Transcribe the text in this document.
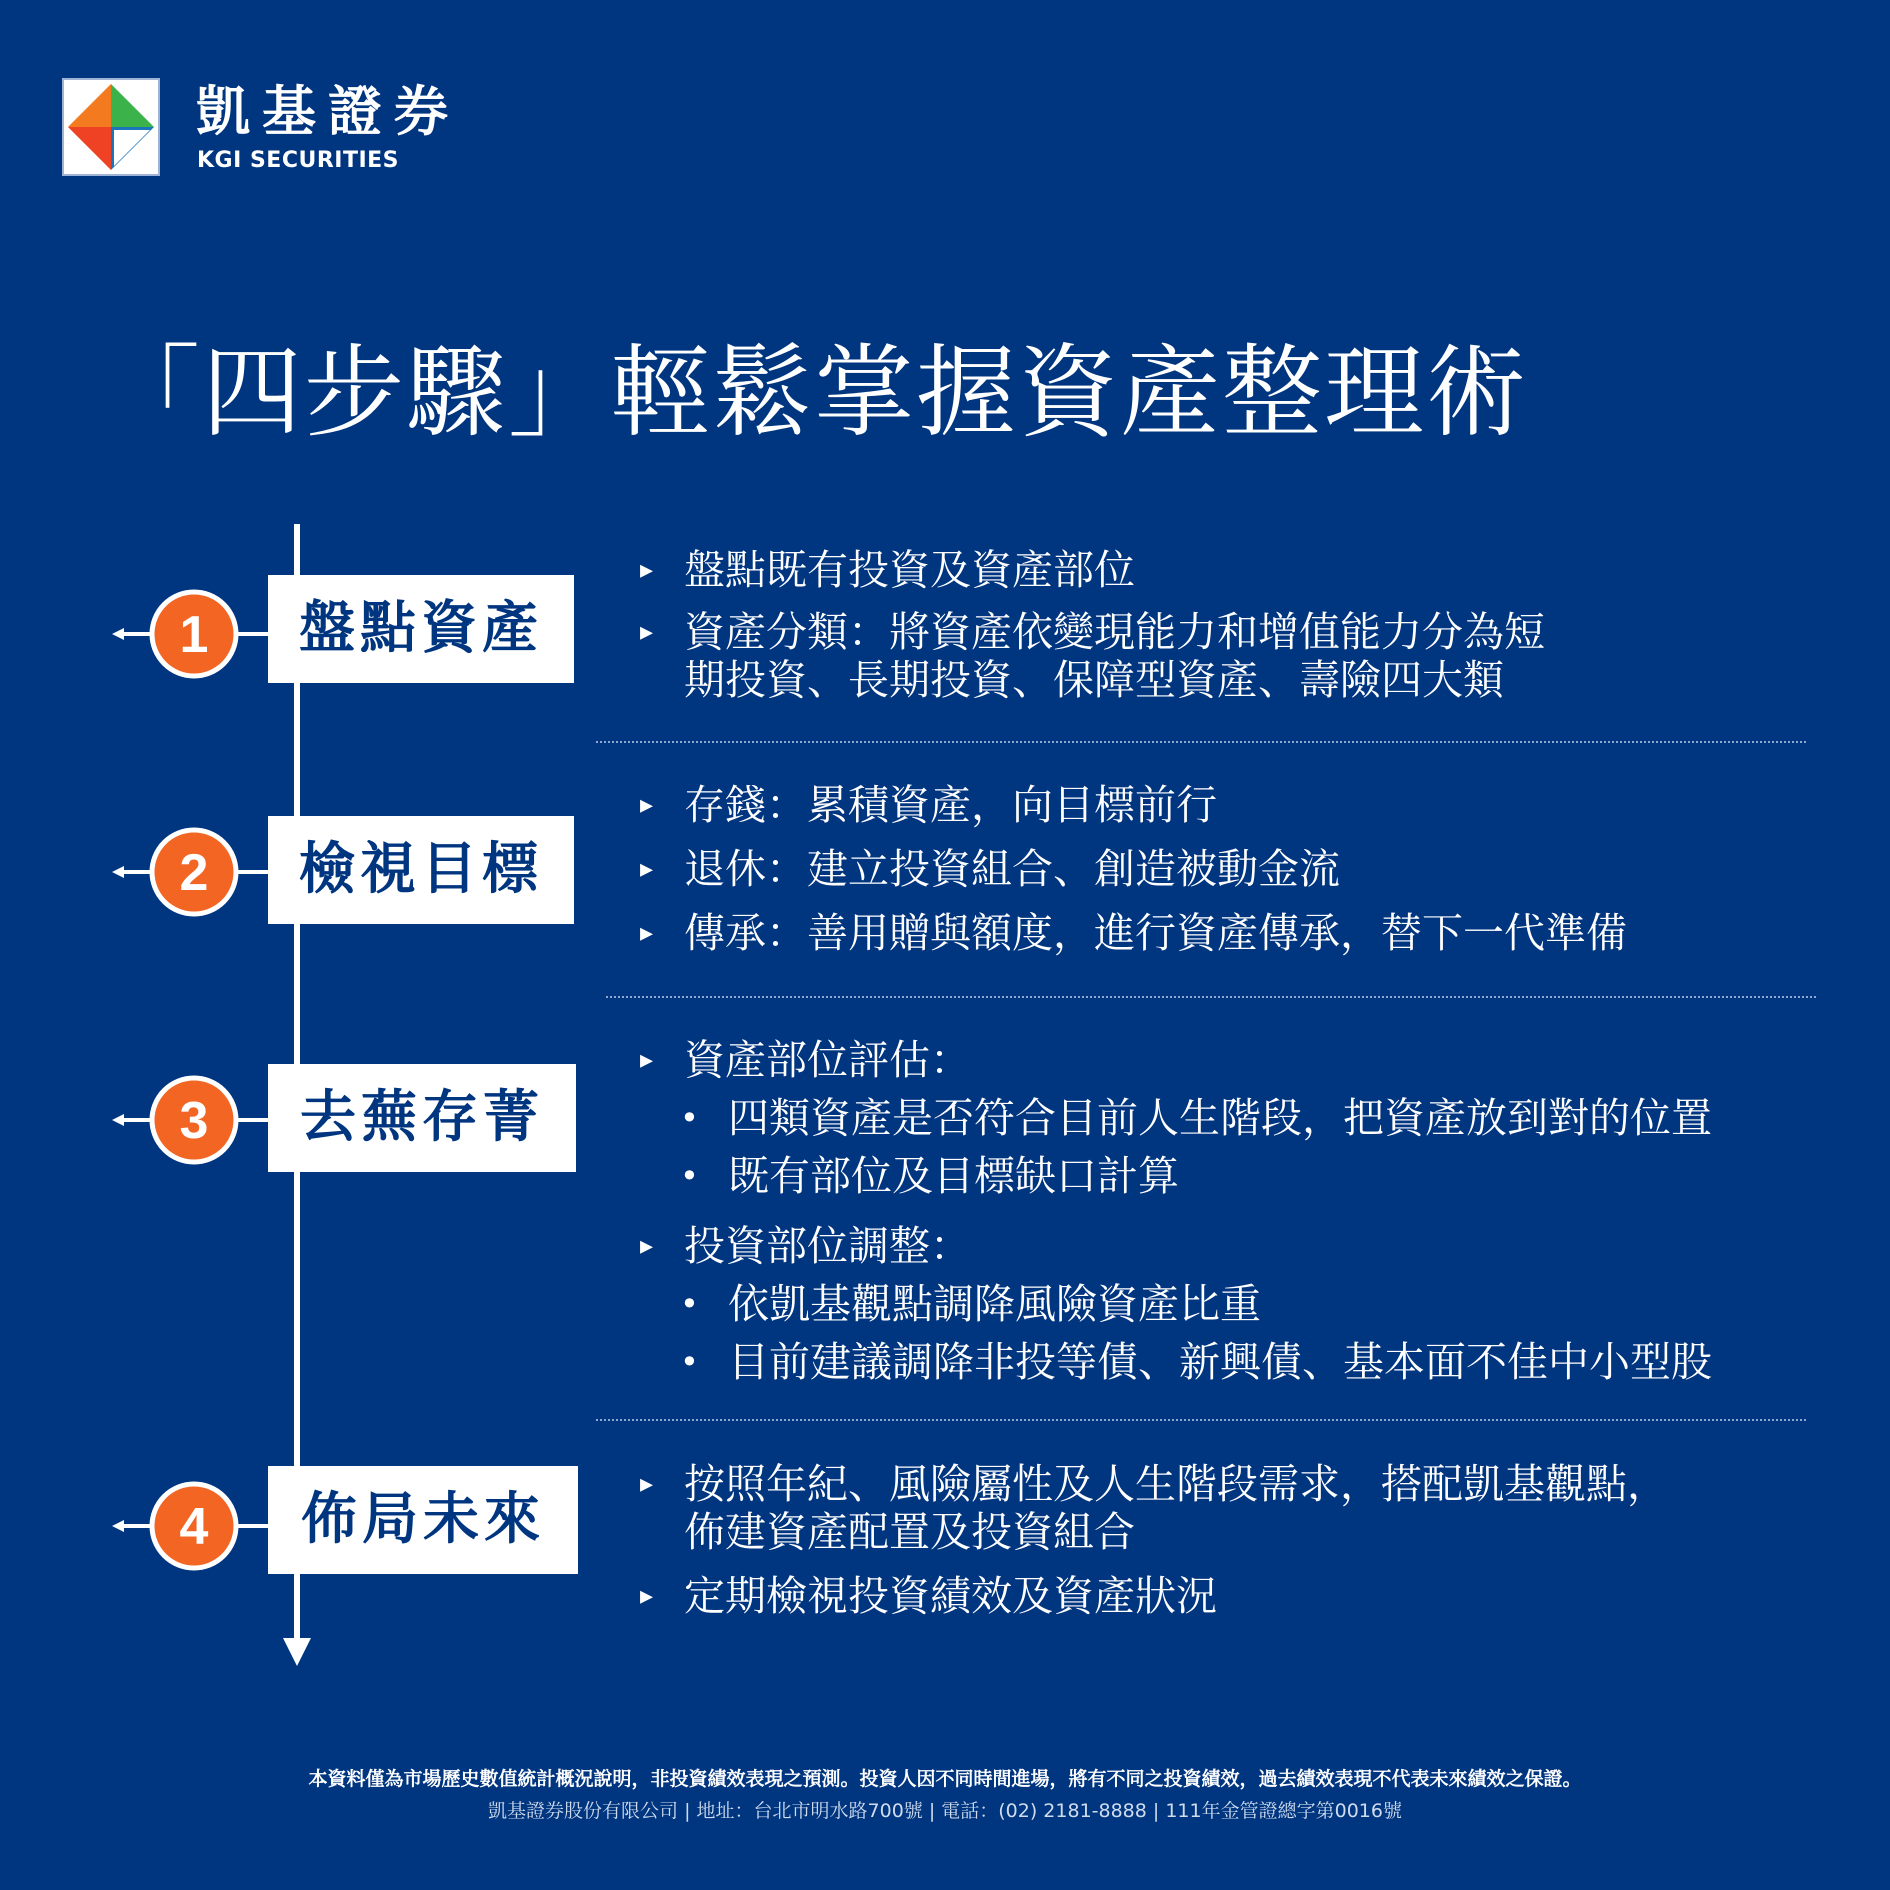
凱基證券
KGI SECURITIES
「四步驟」輕鬆掌握資產整理術
1
2
3
4
盤點資產
檢視目標
去蕪存菁
佈局未來
▸ 盤點既有投資及資產部位
▸ 資產分類：將資產依變現能力和增值能力分為短
期投資、長期投資、保障型資產、壽險四大類
▸ 存錢：累積資產，向目標前行
▸ 退休：建立投資組合、創造被動金流
▸ 傳承：善用贈與額度，進行資產傳承，替下一代準備
▸ 資產部位評估：
• 四類資產是否符合目前人生階段，把資產放到對的位置
• 既有部位及目標缺口計算
▸ 投資部位調整：
• 依凱基觀點調降風險資產比重
• 目前建議調降非投等債、新興債、基本面不佳中小型股
▸ 按照年紀、風險屬性及人生階段需求，搭配凱基觀點，
佈建資產配置及投資組合
▸ 定期檢視投資績效及資產狀況
本資料僅為市場歷史數值統計概況說明，非投資績效表現之預測。投資人因不同時間進場，將有不同之投資績效，過去績效表現不代表未來績效之保證。
凱基證券股份有限公司 | 地址：台北市明水路700號 | 電話：(02) 2181-8888 | 111年金管證總字第0016號
